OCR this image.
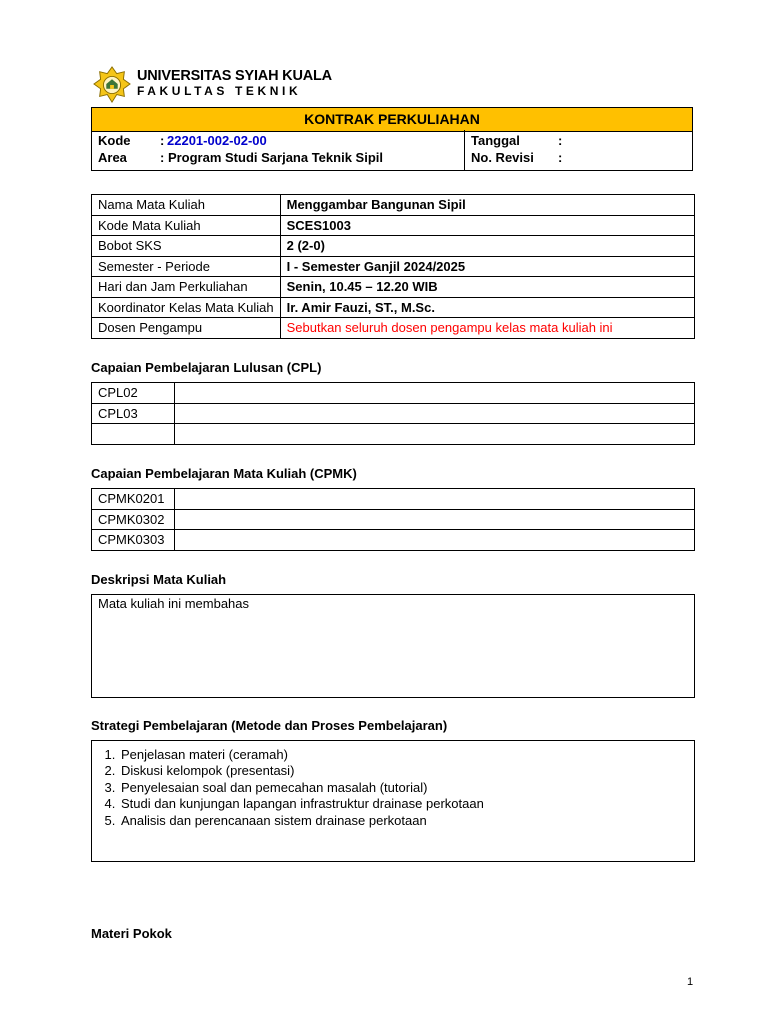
UNIVERSITAS SYIAH KUALA
FAKULTAS TEKNIK
KONTRAK PERKULIAHAN
Kode : 22201-002-02-00
Area	: Program Studi Sarjana Teknik Sipil
Tanggal	:
No. Revisi :
Nama Mata Kuliah	Menggambar Bangunan Sipil
Kode Mata Kuliah	SCES1003
Bobot SKS	2 (2-0)
Semester - Periode	I - Semester Ganjil 2024/2025
Hari dan Jam Perkuliahan	Senin, 10.45 – 12.20 WIB
Koordinator Kelas Mata Kuliah	Ir. Amir Fauzi, ST., M.Sc.
Dosen Pengampu	Sebutkan seluruh dosen pengampu kelas mata kuliah ini
Capaian Pembelajaran Lulusan (CPL)
CPL02	
CPL03	

Capaian Pembelajaran Mata Kuliah (CPMK)
CPMK0201	
CPMK0302	
CPMK0303	
Deskripsi Mata Kuliah
Mata kuliah ini membahas
Strategi Pembelajaran (Metode dan Proses Pembelajaran)
1. Penjelasan materi (ceramah)
2. Diskusi kelompok (presentasi)
3. Penyelesaian soal dan pemecahan masalah (tutorial)
4. Studi dan kunjungan lapangan infrastruktur drainase perkotaan
5. Analisis dan perencanaan sistem drainase perkotaan
Materi Pokok
1
